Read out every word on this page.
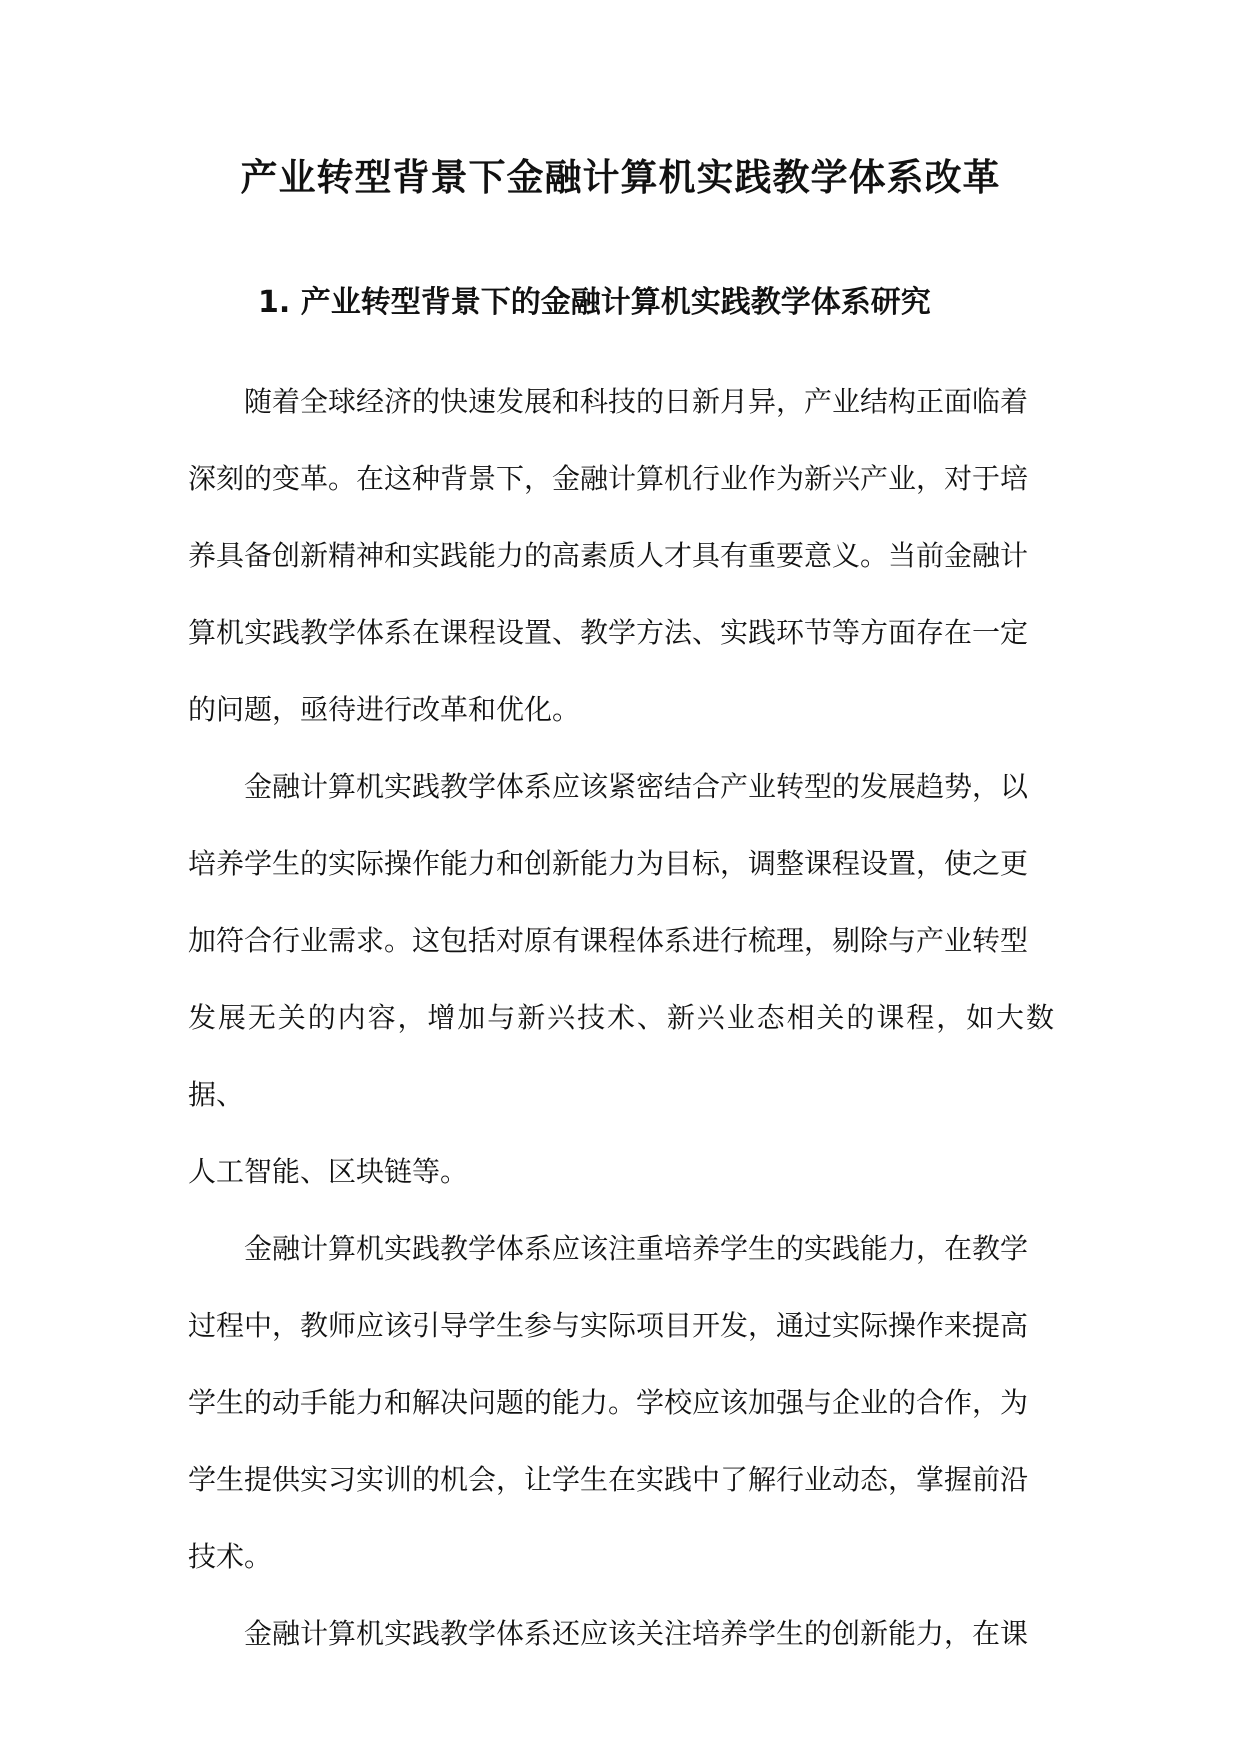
产业转型背景下金融计算机实践教学体系改革
1. 产业转型背景下的金融计算机实践教学体系研究

随着全球经济的快速发展和科技的日新月异，产业结构正面临着
深刻的变革。在这种背景下，金融计算机行业作为新兴产业，对于培
养具备创新精神和实践能力的高素质人才具有重要意义。当前金融计
算机实践教学体系在课程设置、教学方法、实践环节等方面存在一定
的问题，亟待进行改革和优化。

金融计算机实践教学体系应该紧密结合产业转型的发展趋势，以
培养学生的实际操作能力和创新能力为目标，调整课程设置，使之更
加符合行业需求。这包括对原有课程体系进行梳理，剔除与产业转型
发展无关的内容，增加与新兴技术、新兴业态相关的课程，如大数据、
人工智能、区块链等。

金融计算机实践教学体系应该注重培养学生的实践能力，在教学
过程中，教师应该引导学生参与实际项目开发，通过实际操作来提高
学生的动手能力和解决问题的能力。学校应该加强与企业的合作，为
学生提供实习实训的机会，让学生在实践中了解行业动态，掌握前沿
技术。

金融计算机实践教学体系还应该关注培养学生的创新能力，在课
